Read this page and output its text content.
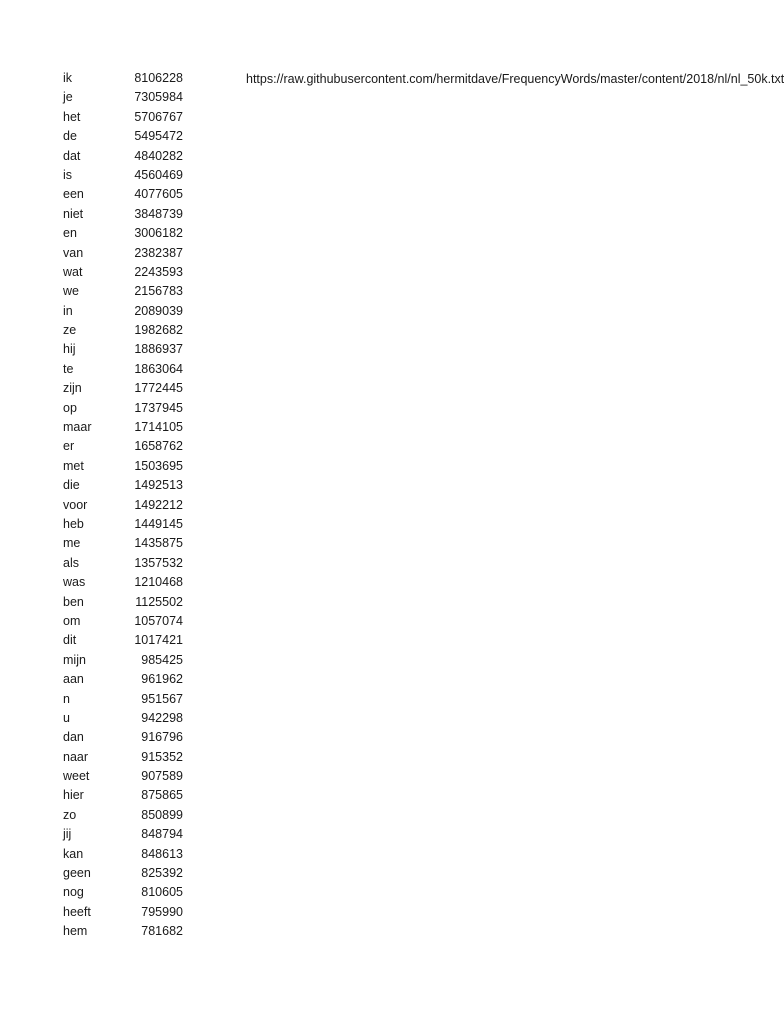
ik	8106228
je	7305984
het	5706767
de	5495472
dat	4840282
is	4560469
een	4077605
niet	3848739
en	3006182
van	2382387
wat	2243593
we	2156783
in	2089039
ze	1982682
hij	1886937
te	1863064
zijn	1772445
op	1737945
maar	1714105
er	1658762
met	1503695
die	1492513
voor	1492212
heb	1449145
me	1435875
als	1357532
was	1210468
ben	1125502
om	1057074
dit	1017421
mijn	985425
aan	961962
n	951567
u	942298
dan	916796
naar	915352
weet	907589
hier	875865
zo	850899
jij	848794
kan	848613
geen	825392
nog	810605
heeft	795990
hem	781682
https://raw.githubusercontent.com/hermitdave/FrequencyWords/master/content/2018/nl/nl_50k.txt
